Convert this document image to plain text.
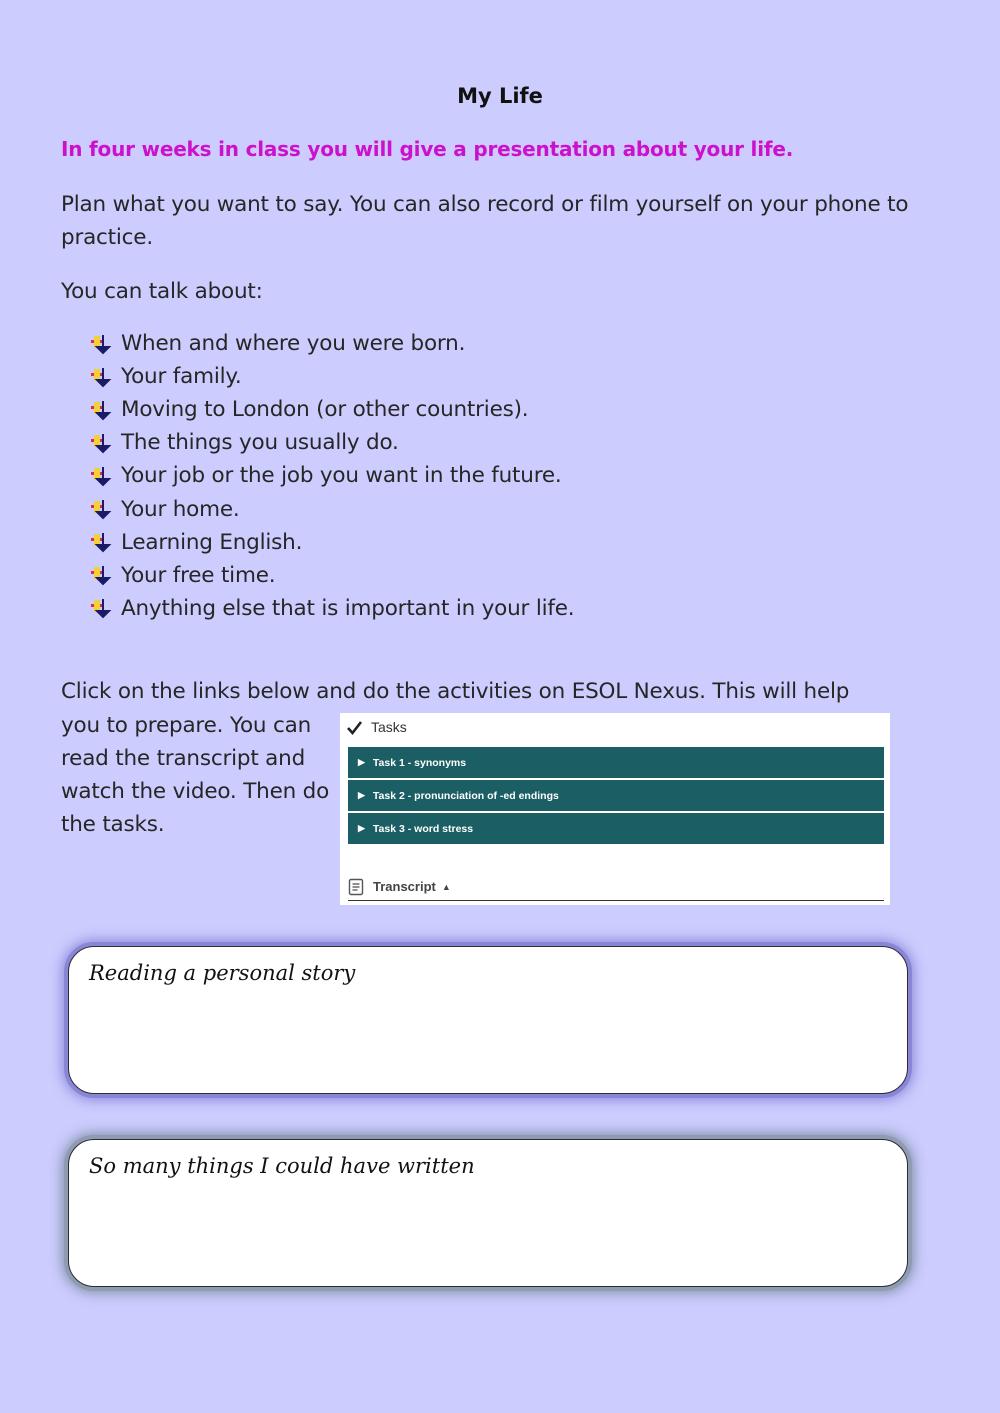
My Life
In four weeks in class you will give a presentation about your life.
Plan what you want to say. You can also record or film yourself on your phone to practice.
You can talk about:
When and where you were born.
Your family.
Moving to London (or other countries).
The things you usually do.
Your job or the job you want in the future.
Your home.
Learning English.
Your free time.
Anything else that is important in your life.
Click on the links below and do the activities on ESOL Nexus. This will help
you to prepare. You can read the transcript and watch the video. Then do the tasks.
Tasks
▶ Task 1 - synonyms
▶ Task 2 - pronunciation of -ed endings
▶ Task 3 - word stress
Transcript ▲
Reading a personal story
So many things I could have written
